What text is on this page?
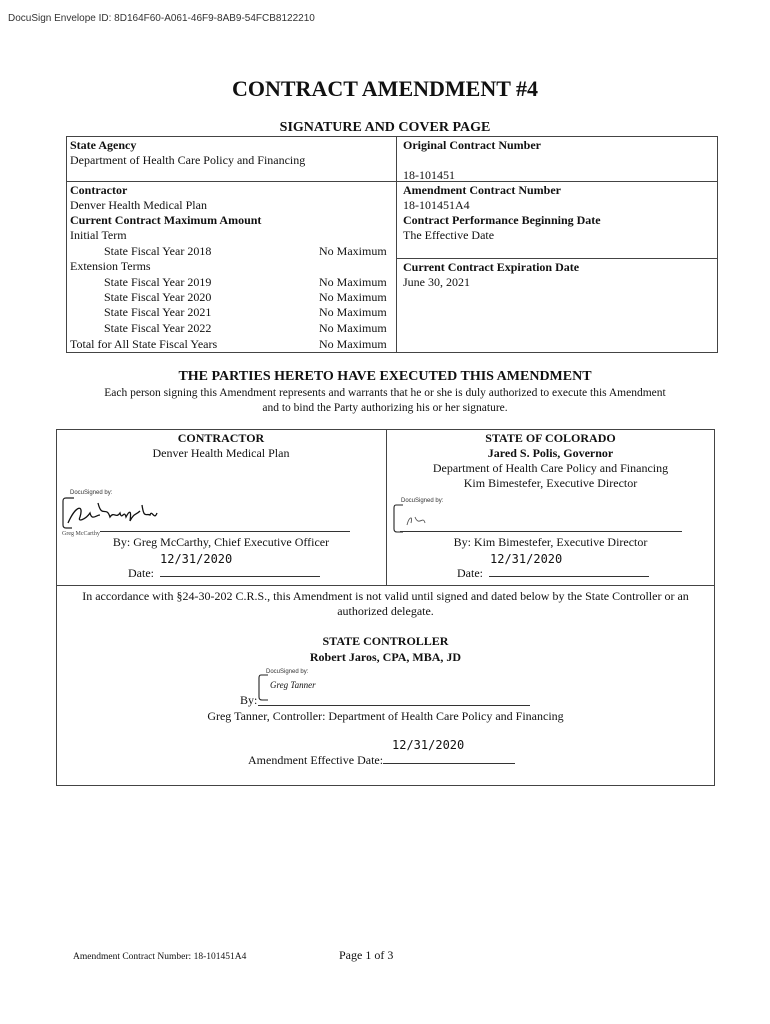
DocuSign Envelope ID: 8D164F60-A061-46F9-8AB9-54FCB8122210
CONTRACT AMENDMENT #4
SIGNATURE AND COVER PAGE
State Agency
Department of Health Care Policy and Financing
Contractor
Denver Health Medical Plan
Current Contract Maximum Amount
Initial Term
State Fiscal Year 2018	No Maximum
Extension Terms
State Fiscal Year 2019	No Maximum
State Fiscal Year 2020	No Maximum
State Fiscal Year 2021	No Maximum
State Fiscal Year 2022	No Maximum
Total for All State Fiscal Years	No Maximum
Original Contract Number
18-101451
Amendment Contract Number
18-101451A4
Contract Performance Beginning Date
The Effective Date
Current Contract Expiration Date
June 30, 2021
THE PARTIES HERETO HAVE EXECUTED THIS AMENDMENT
Each person signing this Amendment represents and warrants that he or she is duly authorized to execute this Amendment
and to bind the Party authorizing his or her signature.
CONTRACTOR
Denver Health Medical Plan
DocuSigned by:
Greg McCarthy
By: Greg McCarthy, Chief Executive Officer
12/31/2020
Date:
STATE OF COLORADO
Jared S. Polis, Governor
Department of Health Care Policy and Financing
Kim Bimestefer, Executive Director
DocuSigned by:
By: Kim Bimestefer, Executive Director
12/31/2020
Date:
In accordance with §24-30-202 C.R.S., this Amendment is not valid until signed and dated below by the State Controller or an
authorized delegate.
STATE CONTROLLER
Robert Jaros, CPA, MBA, JD
DocuSigned by:
Greg Tanner
By:
Greg Tanner, Controller: Department of Health Care Policy and Financing
12/31/2020
Amendment Effective Date:
Amendment Contract Number: 18-101451A4	Page 1 of 3
